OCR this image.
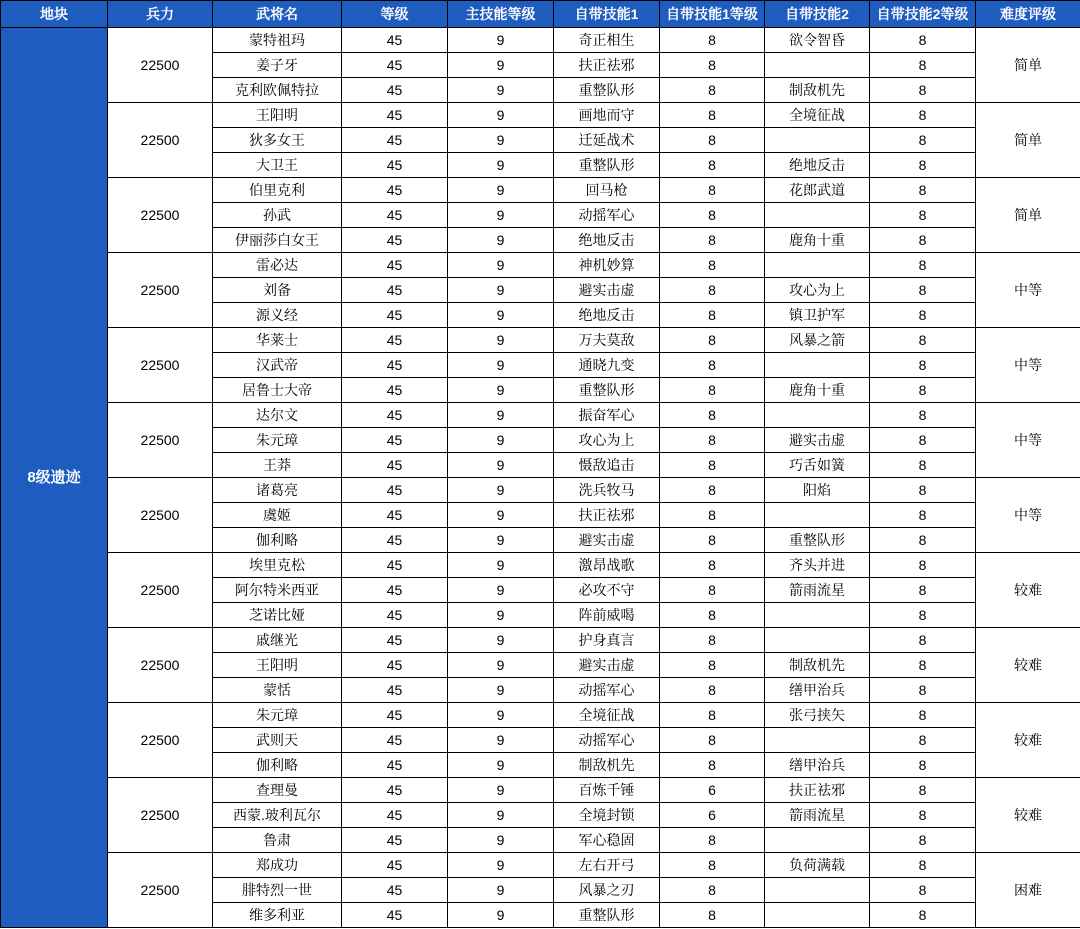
地块	兵力	武将名	等级	主技能等级	自带技能1	自带技能1等级	自带技能2	自带技能2等级	难度评级
8级遗迹	22500	蒙特祖玛	45	9	奇正相生	8	欲令智昏	8	简单
		姜子牙	45	9	扶正祛邪	8		8	
		克利欧佩特拉	45	9	重整队形	8	制敌机先	8	
	22500	王阳明	45	9	画地而守	8	全境征战	8	简单
		狄多女王	45	9	迁延战术	8		8	
		大卫王	45	9	重整队形	8	绝地反击	8	
	22500	伯里克利	45	9	回马枪	8	花郎武道	8	简单
		孙武	45	9	动摇军心	8		8	
		伊丽莎白女王	45	9	绝地反击	8	鹿角十重	8	
	22500	雷必达	45	9	神机妙算	8		8	中等
		刘备	45	9	避实击虚	8	攻心为上	8	
		源义经	45	9	绝地反击	8	镇卫护军	8	
	22500	华莱士	45	9	万夫莫敌	8	风暴之箭	8	中等
		汉武帝	45	9	通晓九变	8		8	
		居鲁士大帝	45	9	重整队形	8	鹿角十重	8	
	22500	达尔文	45	9	振奋军心	8		8	中等
		朱元璋	45	9	攻心为上	8	避实击虚	8	
		王莽	45	9	慑敌追击	8	巧舌如簧	8	
	22500	诸葛亮	45	9	洗兵牧马	8	阳焰	8	中等
		虞姬	45	9	扶正祛邪	8		8	
		伽利略	45	9	避实击虚	8	重整队形	8	
	22500	埃里克松	45	9	激昂战歌	8	齐头并进	8	较难
		阿尔特米西亚	45	9	必攻不守	8	箭雨流星	8	
		芝诺比娅	45	9	阵前威喝	8		8	
	22500	戚继光	45	9	护身真言	8		8	较难
		王阳明	45	9	避实击虚	8	制敌机先	8	
		蒙恬	45	9	动摇军心	8	缮甲治兵	8	
	22500	朱元璋	45	9	全境征战	8	张弓挟矢	8	较难
		武则天	45	9	动摇军心	8		8	
		伽利略	45	9	制敌机先	8	缮甲治兵	8	
	22500	查理曼	45	9	百炼千锤	6	扶正祛邪	8	较难
		西蒙.玻利瓦尔	45	9	全境封锁	6	箭雨流星	8	
		鲁肃	45	9	军心稳固	8		8	
	22500	郑成功	45	9	左右开弓	8	负荷满载	8	困难
		腓特烈一世	45	9	风暴之刃	8		8	
		维多利亚	45	9	重整队形	8		8	
